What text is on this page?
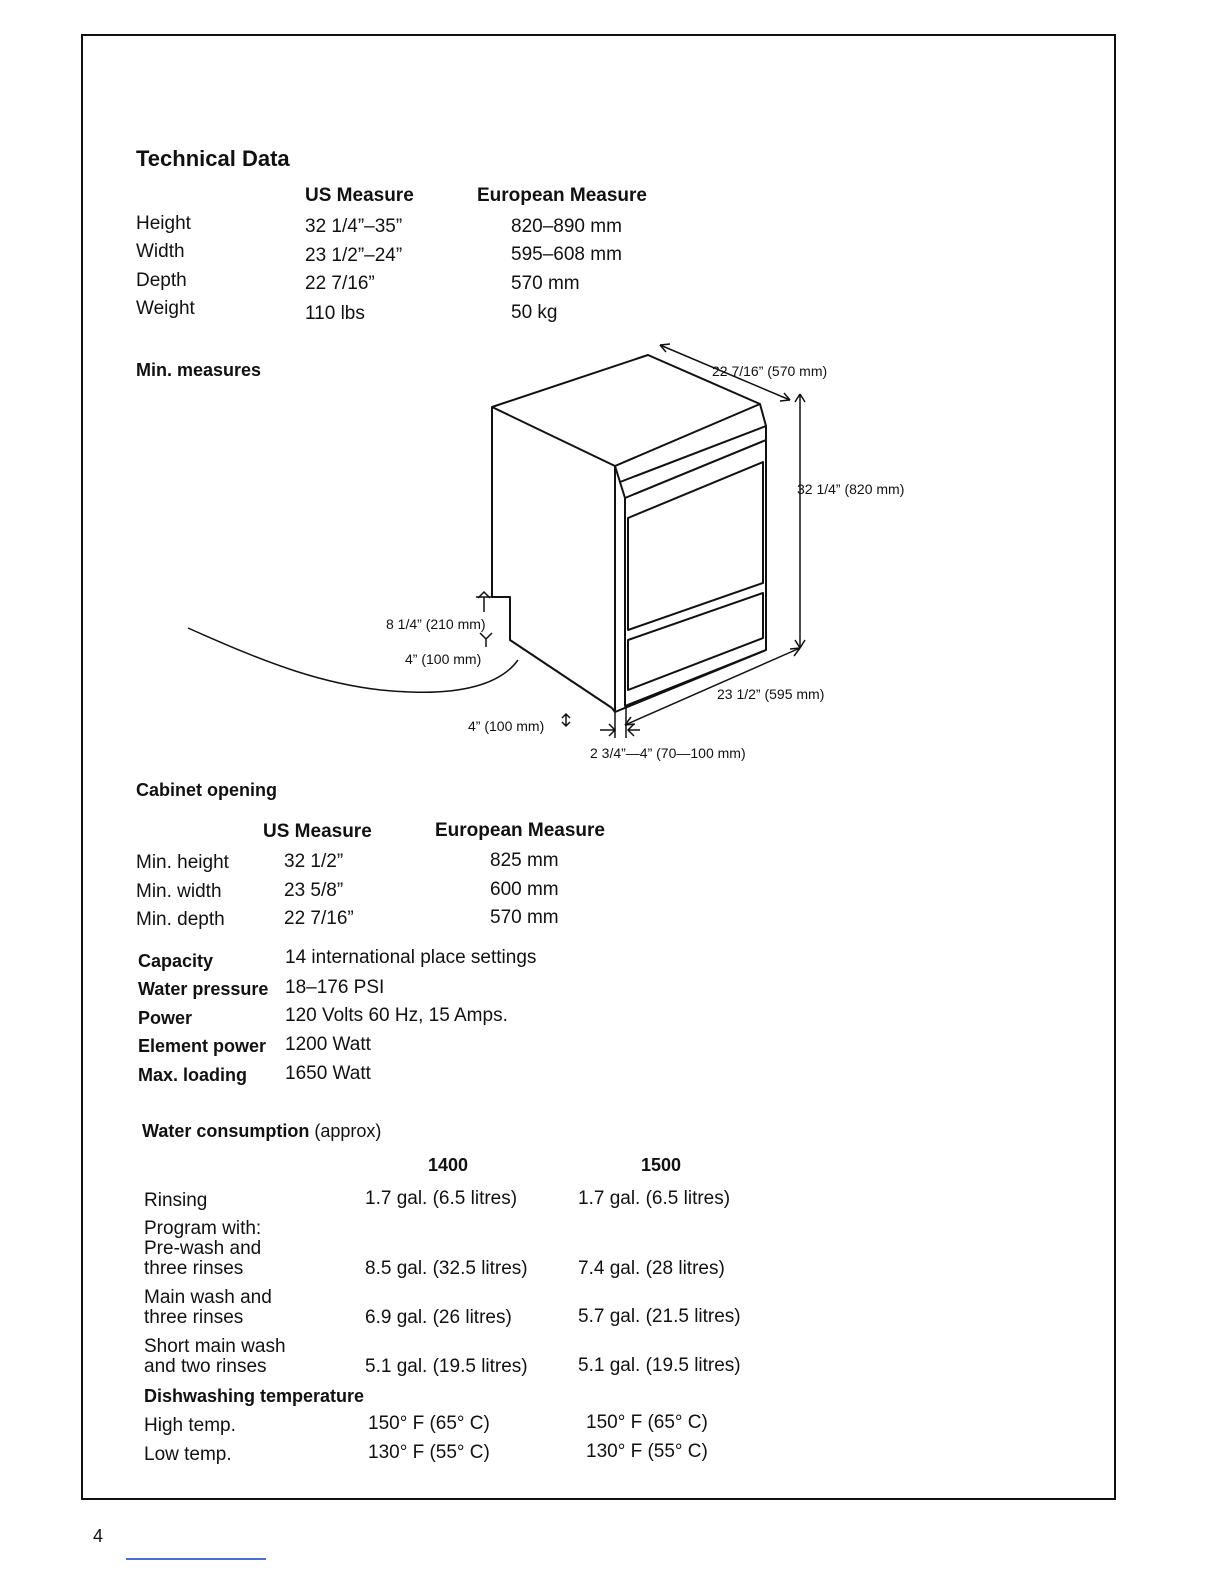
Technical Data
US Measure	European Measure
Height	32 1/4”–35”	820–890 mm
Width	23 1/2”–24”	595–608 mm
Depth	22 7/16”	570 mm
Weight	110 lbs	50 kg
Min. measures	22 7/16” (570 mm)
32 1/4” (820 mm)
8 1/4” (210 mm)
4” (100 mm)
23 1/2” (595 mm)
4” (100 mm)
2 3/4”—4” (70—100 mm)
Cabinet opening
US Measure	European Measure
Min. height	32 1/2”	825 mm
Min. width	23 5/8”	600 mm
Min. depth	22 7/16”	570 mm
Capacity	14 international place settings
Water pressure 18–176 PSI
Power	120 Volts 60 Hz, 15 Amps.
Element power 1200 Watt
Max. loading 1650 Watt
Water consumption (approx)
1400	1500
Rinsing	1.7 gal. (6.5 litres)	1.7 gal. (6.5 litres)
Program with:
Pre-wash and
three rinses	8.5 gal. (32.5 litres)	7.4 gal. (28 litres)
Main wash and
three rinses	6.9 gal. (26 litres)	5.7 gal. (21.5 litres)
Short main wash
and two rinses	5.1 gal. (19.5 litres)	5.1 gal. (19.5 litres)
Dishwashing temperature
High temp.	150° F (65° C)	150° F (65° C)
Low temp.	130° F (55° C)	130° F (55° C)
4
